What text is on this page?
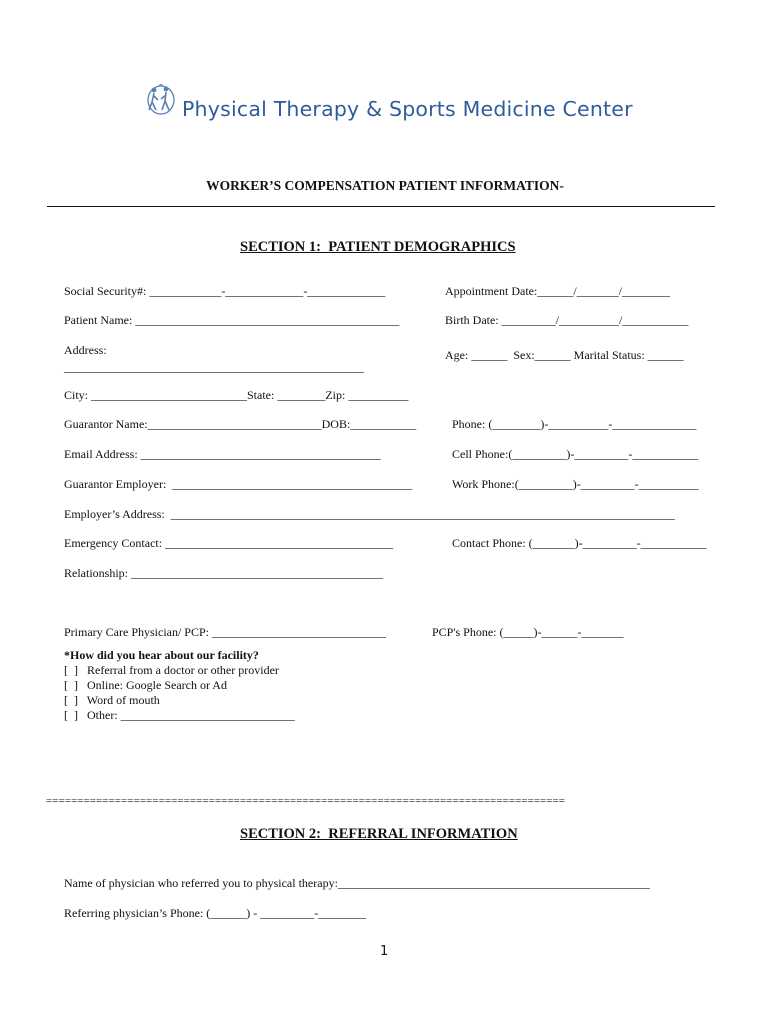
Physical Therapy & Sports Medicine Center
WORKER’S COMPENSATION PATIENT INFORMATION-
SECTION 1:  PATIENT DEMOGRAPHICS
Social Security#: ____________-_____________-_____________	Appointment Date:______/_______/________
Patient Name: ____________________________________________	Birth Date: _________/__________/___________
Address:	Age: ______  Sex:______ Marital Status: ______
__________________________________________________
City: __________________________State: ________Zip: __________
Guarantor Name:_____________________________DOB:___________	Phone: (________)-__________-______________
Email Address: ________________________________________	Cell Phone:(_________)-_________-___________
Guarantor Employer:  ________________________________________	Work Phone:(_________)-_________-__________
Employer’s Address:  ____________________________________________________________________________________
Emergency Contact: ______________________________________	Contact Phone: (_______)-_________-___________
Relationship: __________________________________________
Primary Care Physician/ PCP: _____________________________	PCP's Phone: (_____)-______-_______
*How did you hear about our facility?
[  ]   Referral from a doctor or other provider
[  ]   Online: Google Search or Ad
[  ]   Word of mouth
[  ]   Other: _____________________________
===================================================================================
SECTION 2:  REFERRAL INFORMATION
Name of physician who referred you to physical therapy:____________________________________________________
Referring physician’s Phone: (______) - _________-________
1
